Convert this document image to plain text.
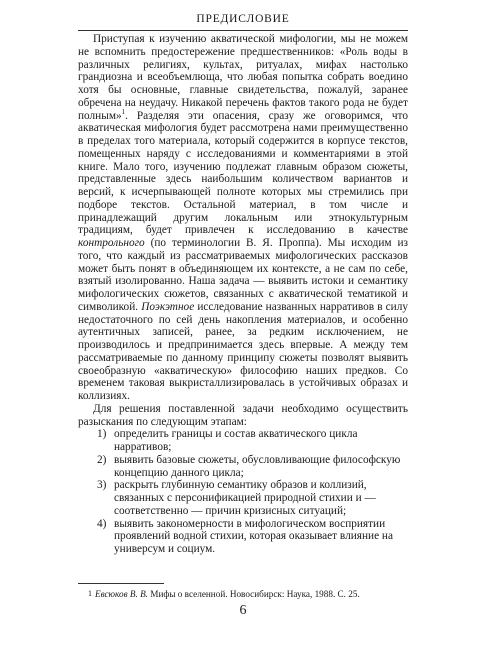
ПРЕДИСЛОВИЕ

Приступая к изучению акватической мифологии, мы не можем не вспомнить предостережение предшественников: «Роль воды в различных религиях, культах, ритуалах, мифах настолько грандиозна и всеобъемлюща, что любая попытка собрать воедино хотя бы основные, главные свидетельства, пожалуй, заранее обречена на неудачу. Никакой перечень фактов такого рода не будет полным»$^1$. Разделяя эти опасения, сразу же оговоримся, что акватическая мифология будет рассмотрена нами преимущественно в пределах того материала, который содержится в корпусе текстов, помещенных наряду с исследованиями и комментариями в этой книге. Мало того, изучению подлежат главным образом сюжеты, представленные здесь наибольшим количеством вариантов и версий, к исчерпывающей полноте которых мы стремились при подборе текстов. Остальной материал, в том числе и принадлежащий другим локальным или этнокультурным традициям, будет привлечен к исследованию в качестве контрольного (по терминологии В. Я. Проппа). Мы исходим из того, что каждый из рассматриваемых мифологических рассказов может быть понят в объединяющем их контексте, а не сам по себе, взятый изолированно. Наша задача — выявить истоки и семантику мифологических сюжетов, связанных с акватической тематикой и символикой. Поэкэтное исследование названных нарративов в силу недостаточного по сей день накопления материалов, и особенно аутентичных записей, ранее, за редким исключением, не производилось и предпринимается здесь впервые. А между тем рассматриваемые по данному принципу сюжеты позволят выявить своеобразную «акватическую» философию наших предков. Со временем таковая выкристаллизировалась в устойчивых образах и коллизиях.

Для решения поставленной задачи необходимо осуществить разыскания по следующим этапам:

1) определить границы и состав акватического цикла нарративов;
2) выявить базовые сюжеты, обусловливающие философскую концепцию данного цикла;
3) раскрыть глубинную семантику образов и коллизий, связанных с персонификацией природной стихии и — соответственно — причин кризисных ситуаций;
4) выявить закономерности в мифологическом восприятии проявлений водной стихии, которая оказывает влияние на универсум и социум.
1 Евсюков В. В. Мифы о вселенной. Новосибирск: Наука, 1988. С. 25.
6
